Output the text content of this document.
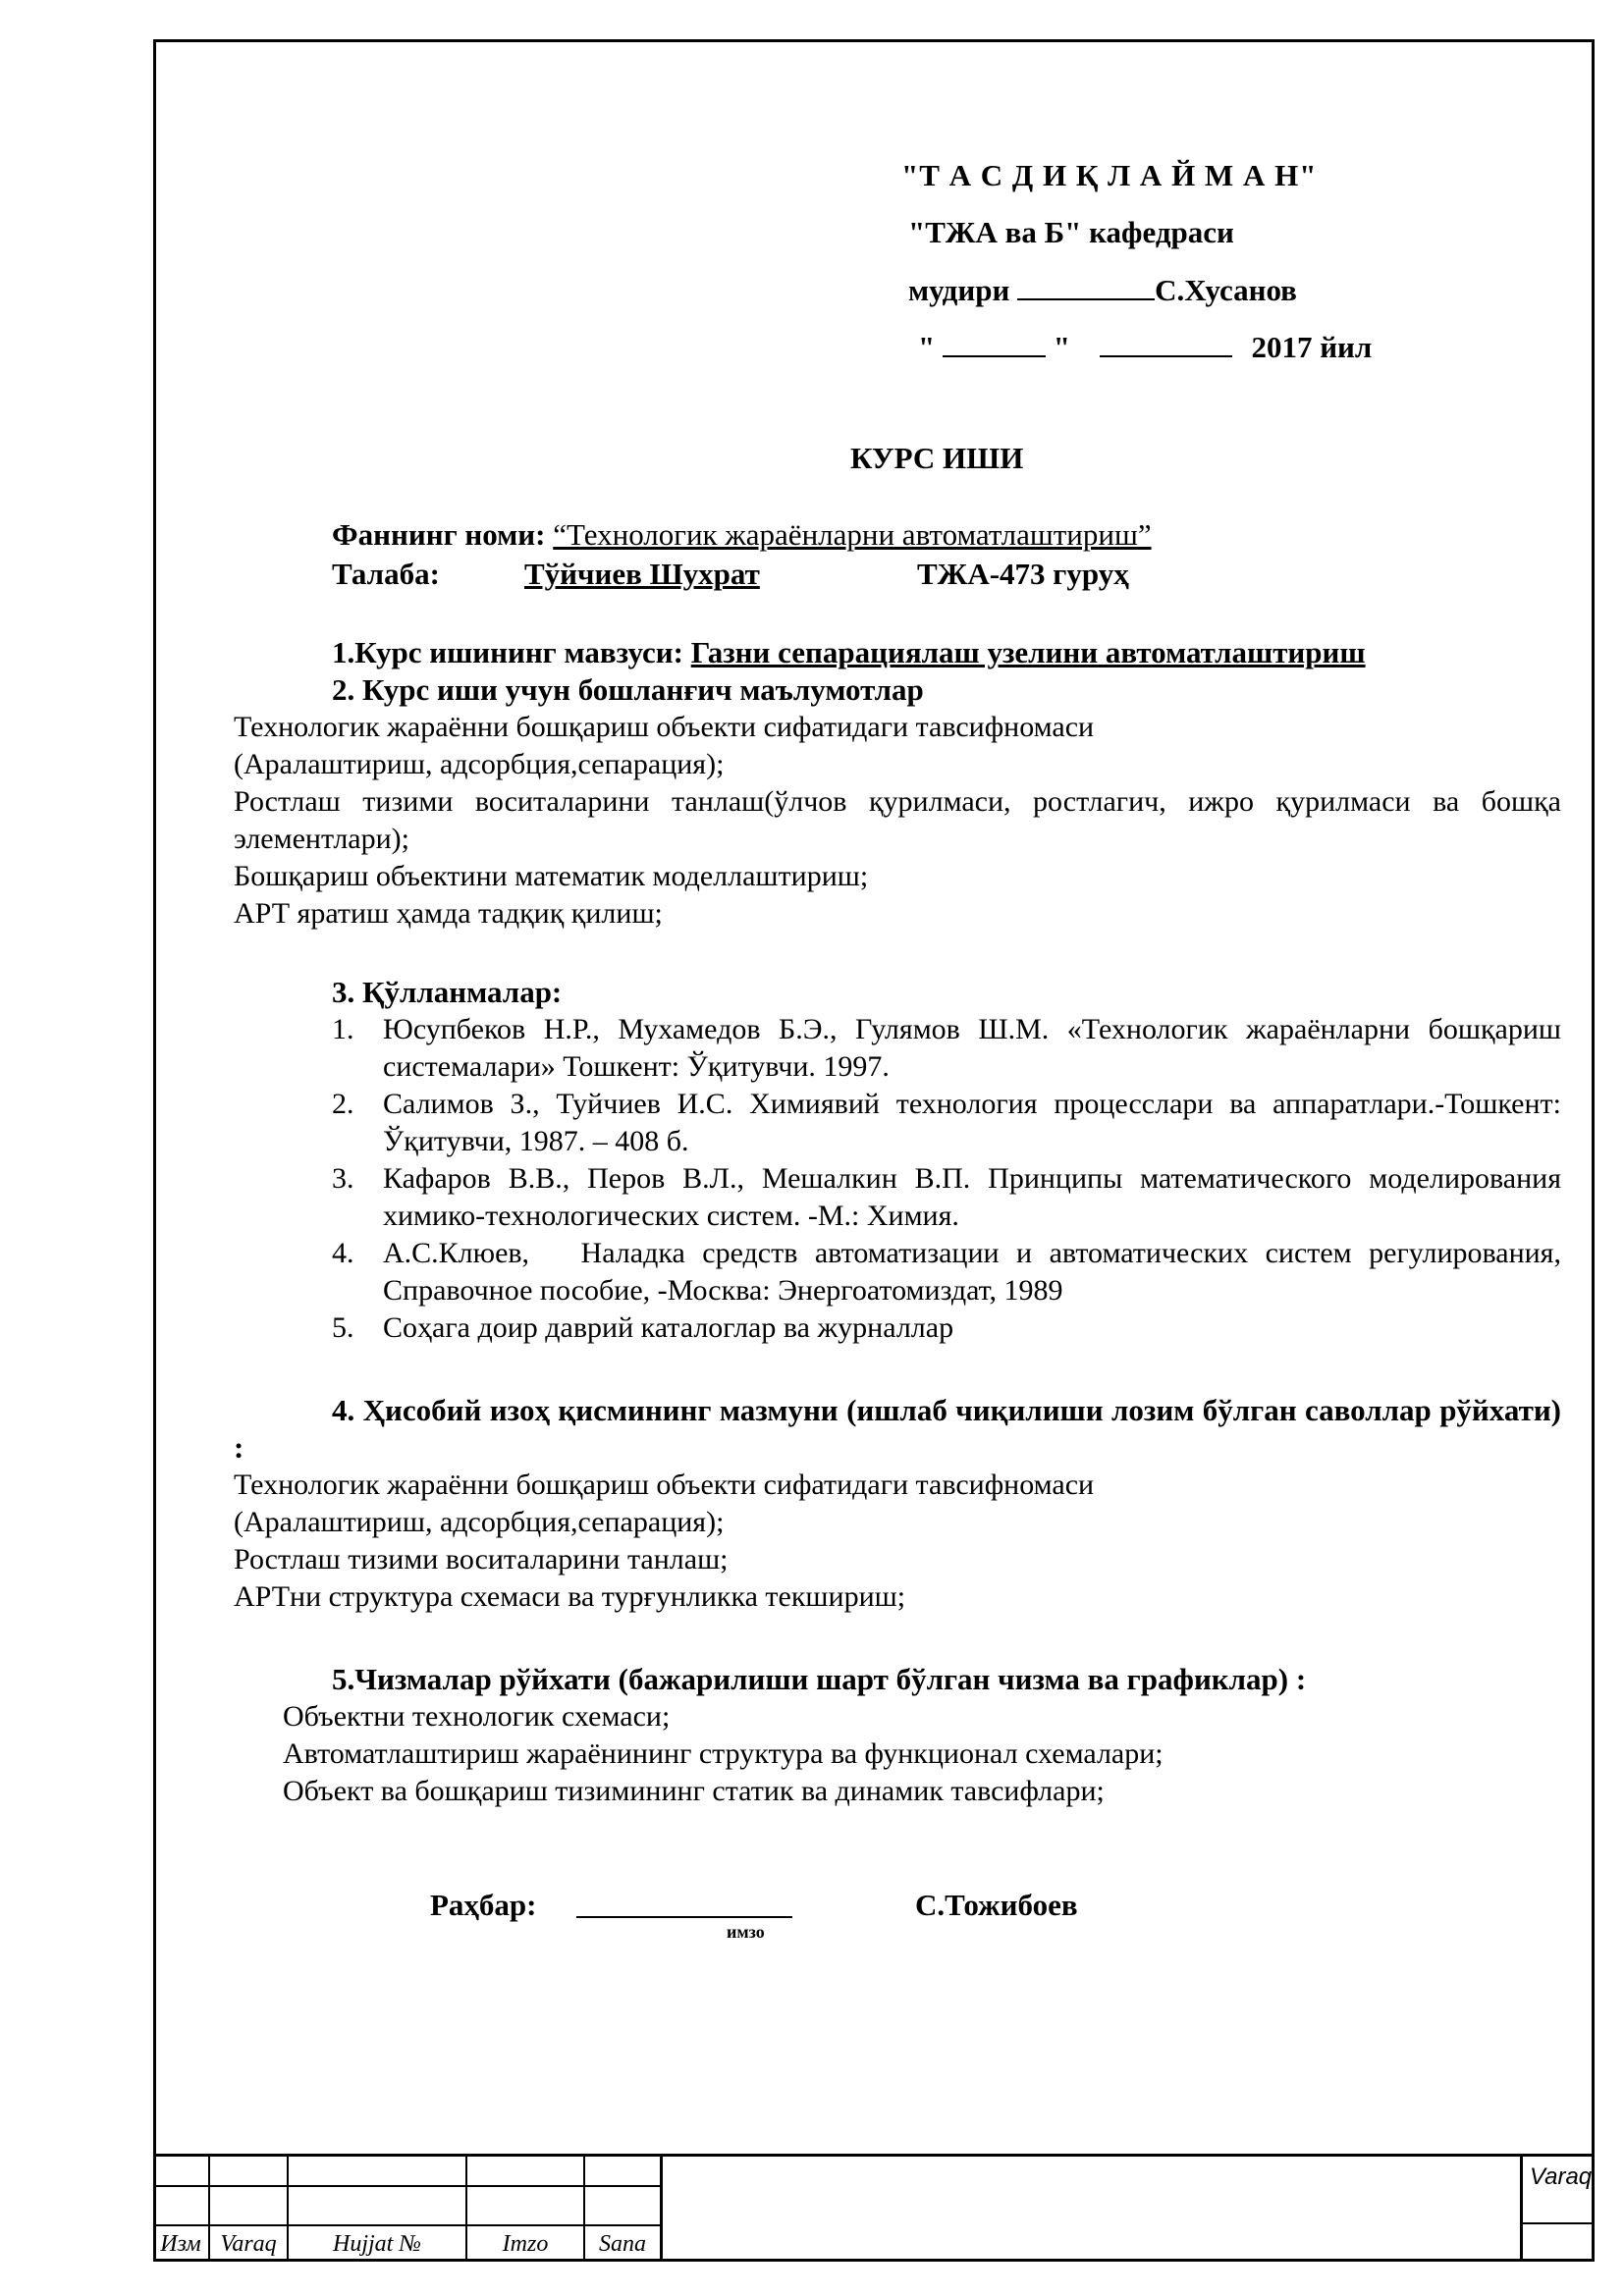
"Т А С Д И Қ Л А Й М А Н"
"ТЖА ва Б" кафедраси
мудири	С.Хусанов
"	"	2017 йил
КУРС ИШИ
Фаннинг номи: “Технологик жараёнларни автоматлаштириш”
Талаба:	Тўйчиев Шухрат	ТЖА-473 гуруҳ
1.Курс ишининг мавзуси: Газни сепарациялаш узелини автоматлаштириш
2. Курс иши учун бошланғич маълумотлар
Технологик жараённи бошқариш объекти сифатидаги тавсифномаси
(Аралаштириш, адсорбция,сепарация);
Ростлаш тизими воситаларини танлаш(ўлчов қурилмаси, ростлагич, ижро қурилмаси ва бошқа элементлари);
Бошқариш объектини математик моделлаштириш;
АРТ яратиш ҳамда тадқиқ қилиш;
3. Қўлланмалар:
1. Юсупбеков Н.Р., Мухамедов Б.Э., Гулямов Ш.М. «Технологик жараёнларни бошқариш системалари» Тошкент: Ўқитувчи. 1997.
2. Салимов З., Туйчиев И.С. Химиявий технология процесслари ва аппаратлари.-Тошкент: Ўқитувчи, 1987. – 408 б.
3. Кафаров В.В., Перов В.Л., Мешалкин В.П. Принципы математического моделирования химико-технологических систем. -М.: Химия.
4. А.С.Клюев,   Наладка средств автоматизации и автоматических систем регулирования, Справочное пособие, -Москва: Энергоатомиздат, 1989
5. Соҳага доир даврий каталоглар ва журналлар
4. Ҳисобий изоҳ қисмининг мазмуни (ишлаб чиқилиши лозим бўлган саволлар рўйхати) :
Технологик жараённи бошқариш объекти сифатидаги тавсифномаси
(Аралаштириш, адсорбция,сепарация);
Ростлаш тизими воситаларини танлаш;
АРТни структура схемаси ва турғунликка текшириш;
5.Чизмалар рўйхати (бажарилиши шарт бўлган чизма ва графиклар) :
Объектни технологик схемаси;
Автоматлаштириш жараёнининг структура ва функционал схемалари;
Объект ва бошқариш тизимининг статик ва динамик тавсифлари;
Раҳбар:
имзо
С.Тожибоев
Изм Varaq	Hujjat №	Imzo	Sana
Varaq
